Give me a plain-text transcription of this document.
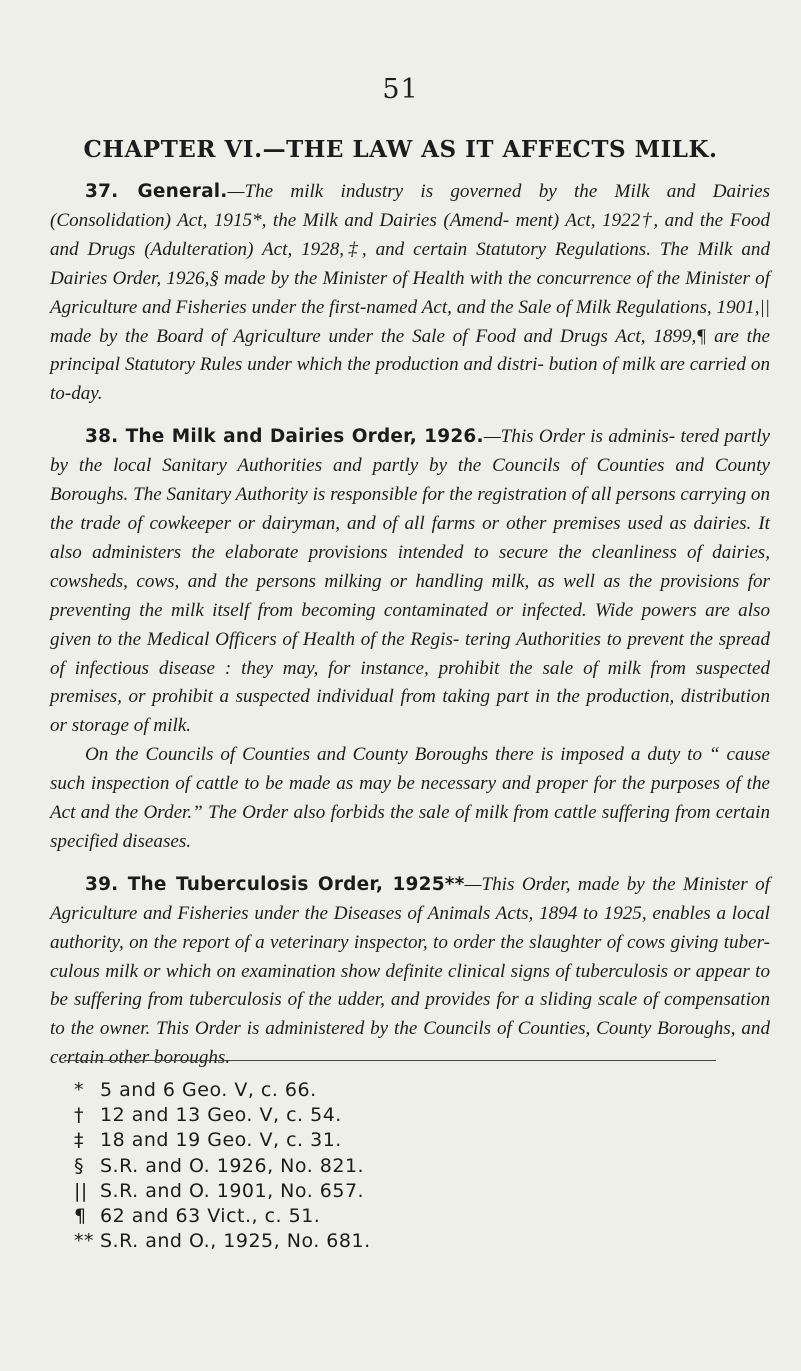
51
CHAPTER VI.—THE LAW AS IT AFFECTS MILK.

37. General.—The milk industry is governed by the Milk and Dairies (Consolidation) Act, 1915*, the Milk and Dairies (Amend- ment) Act, 1922†, and the Food and Drugs (Adulteration) Act, 1928,‡, and certain Statutory Regulations. The Milk and Dairies Order, 1926,§ made by the Minister of Health with the concurrence of the Minister of Agriculture and Fisheries under the first-named Act, and the Sale of Milk Regulations, 1901,|| made by the Board of Agriculture under the Sale of Food and Drugs Act, 1899,¶ are the principal Statutory Rules under which the production and distri- bution of milk are carried on to-day.

38. The Milk and Dairies Order, 1926.—This Order is adminis- tered partly by the local Sanitary Authorities and partly by the Councils of Counties and County Boroughs. The Sanitary Authority is responsible for the registration of all persons carrying on the trade of cowkeeper or dairyman, and of all farms or other premises used as dairies. It also administers the elaborate provisions intended to secure the cleanliness of dairies, cowsheds, cows, and the persons milking or handling milk, as well as the provisions for preventing the milk itself from becoming contaminated or infected. Wide powers are also given to the Medical Officers of Health of the Regis- tering Authorities to prevent the spread of infectious disease : they may, for instance, prohibit the sale of milk from suspected premises, or prohibit a suspected individual from taking part in the production, distribution or storage of milk.

On the Councils of Counties and County Boroughs there is imposed a duty to “ cause such inspection of cattle to be made as may be necessary and proper for the purposes of the Act and the Order.” The Order also forbids the sale of milk from cattle suffering from certain specified diseases.

39. The Tuberculosis Order, 1925**—This Order, made by the Minister of Agriculture and Fisheries under the Diseases of Animals Acts, 1894 to 1925, enables a local authority, on the report of a veterinary inspector, to order the slaughter of cows giving tuber- culous milk or which on examination show definite clinical signs of tuberculosis or appear to be suffering from tuberculosis of the udder, and provides for a sliding scale of compensation to the owner. This Order is administered by the Councils of Counties, County Boroughs, and certain other boroughs.

* 5 and 6 Geo. V, c. 66.
† 12 and 13 Geo. V, c. 54.
‡ 18 and 19 Geo. V, c. 31.
§ S.R. and O. 1926, No. 821.
|| S.R. and O. 1901, No. 657.
¶ 62 and 63 Vict., c. 51.
** S.R. and O., 1925, No. 681.
